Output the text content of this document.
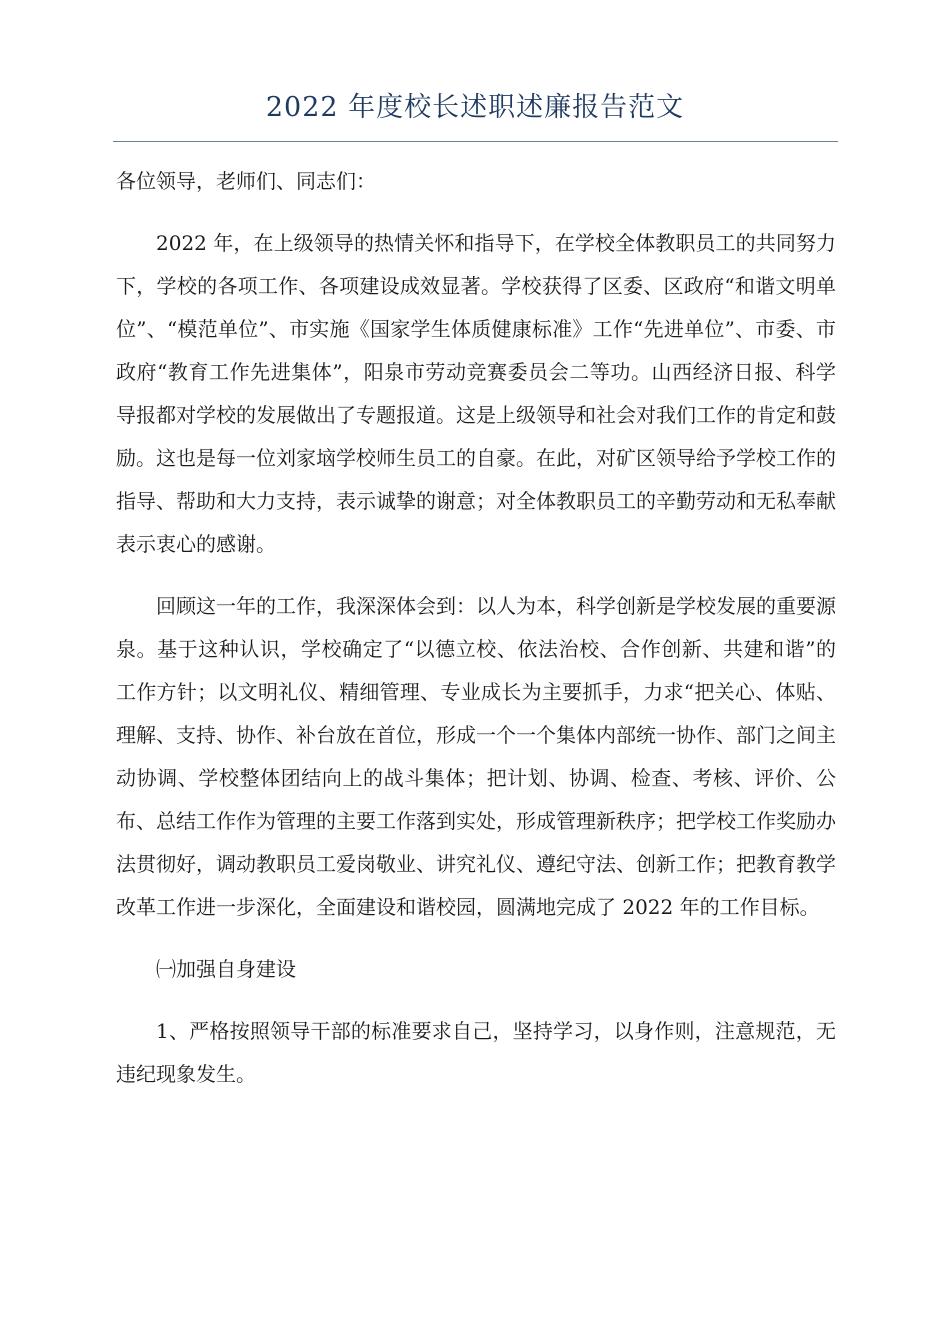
2022 年度校长述职述廉报告范文

各位领导，老师们、同志们：

2022 年，在上级领导的热情关怀和指导下，在学校全体教职员工的共同努力下，学校的各项工作、各项建设成效显著。学校获得了区委、区政府“和谐文明单位”、“模范单位”、市实施《国家学生体质健康标准》工作“先进单位”、市委、市政府“教育工作先进集体”，阳泉市劳动竞赛委员会二等功。山西经济日报、科学导报都对学校的发展做出了专题报道。这是上级领导和社会对我们工作的肯定和鼓励。这也是每一位刘家垴学校师生员工的自豪。在此，对矿区领导给予学校工作的指导、帮助和大力支持，表示诚挚的谢意；对全体教职员工的辛勤劳动和无私奉献表示衷心的感谢。

回顾这一年的工作，我深深体会到：以人为本，科学创新是学校发展的重要源泉。基于这种认识，学校确定了“以德立校、依法治校、合作创新、共建和谐”的工作方针；以文明礼仪、精细管理、专业成长为主要抓手，力求“把关心、体贴、理解、支持、协作、补台放在首位，形成一个一个集体内部统一协作、部门之间主动协调、学校整体团结向上的战斗集体；把计划、协调、检查、考核、评价、公布、总结工作作为管理的主要工作落到实处，形成管理新秩序；把学校工作奖励办法贯彻好，调动教职员工爱岗敬业、讲究礼仪、遵纪守法、创新工作；把教育教学改革工作进一步深化，全面建设和谐校园，圆满地完成了 2022 年的工作目标。

㈠加强自身建设

1、严格按照领导干部的标准要求自己，坚持学习，以身作则，注意规范，无违纪现象发生。
